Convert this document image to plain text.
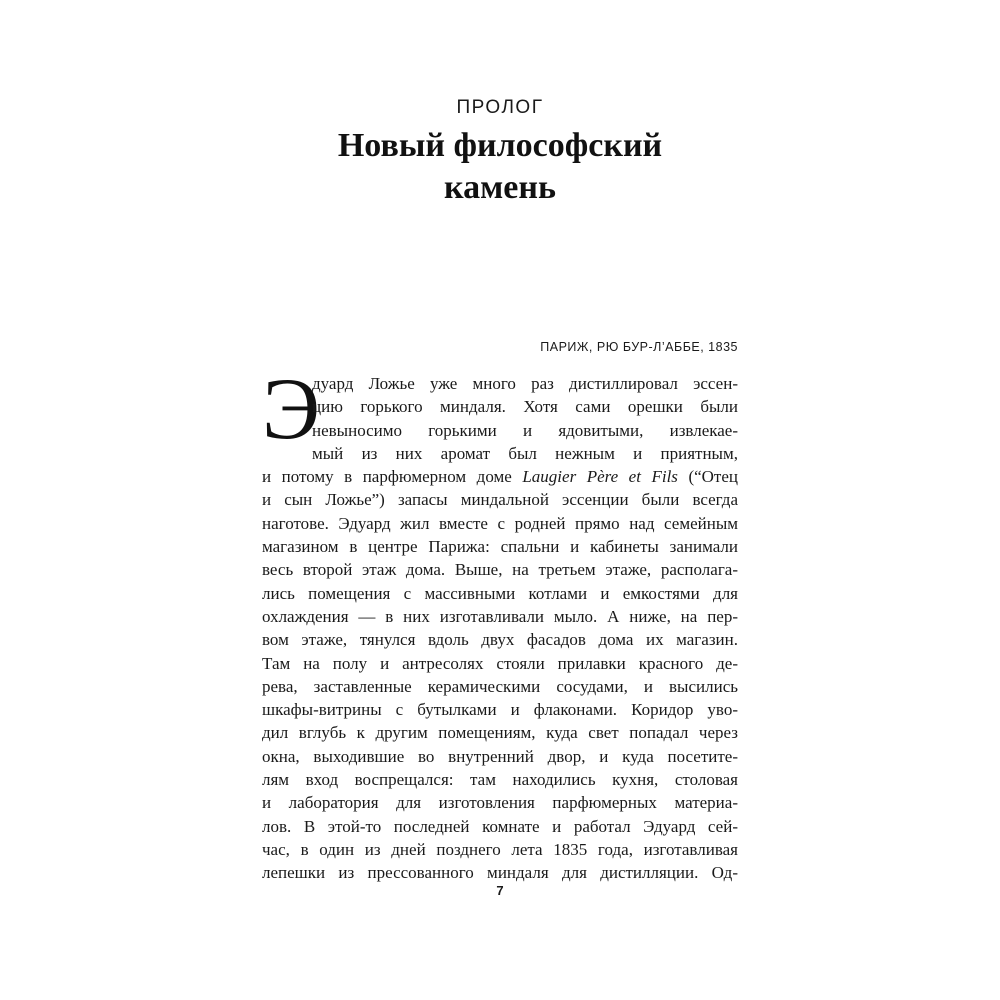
ПРОЛОГ
Новый философский
камень
ПАРИЖ, РЮ БУР-Л’АББЕ, 1835
Э
дуард Ложье уже много раз дистиллировал эссен-
цию горького миндаля. Хотя сами орешки были
невыносимо горькими и ядовитыми, извлекае-
мый из них аромат был нежным и приятным,
и потому в парфюмерном доме Laugier Père et Fils (“Отец
и сын Ложье”) запасы миндальной эссенции были всегда
наготове. Эдуард жил вместе с родней прямо над семейным
магазином в центре Парижа: спальни и кабинеты занимали
весь второй этаж дома. Выше, на третьем этаже, располага-
лись помещения с массивными котлами и емкостями для
охлаждения — в них изготавливали мыло. А ниже, на пер-
вом этаже, тянулся вдоль двух фасадов дома их магазин.
Там на полу и антресолях стояли прилавки красного де-
рева, заставленные керамическими сосудами, и высились
шкафы-витрины с бутылками и флаконами. Коридор уво-
дил вглубь к другим помещениям, куда свет попадал через
окна, выходившие во внутренний двор, и куда посетите-
лям вход воспрещался: там находились кухня, столовая
и лаборатория для изготовления парфюмерных материа-
лов. В этой-то последней комнате и работал Эдуард сей-
час, в один из дней позднего лета 1835 года, изготавливая
лепешки из прессованного миндаля для дистилляции. Од-
7
